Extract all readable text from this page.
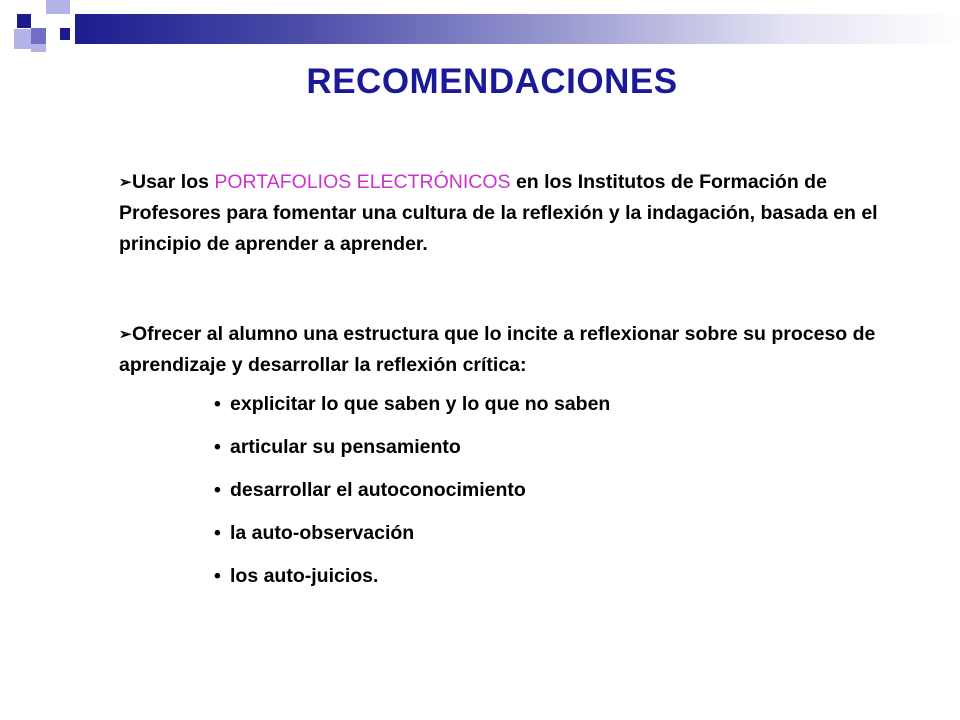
RECOMENDACIONES

➢Usar los PORTAFOLIOS ELECTRÓNICOS en los Institutos de Formación de Profesores para fomentar una cultura de la reflexión y la indagación, basada en el principio de aprender a aprender.

➢Ofrecer al alumno una estructura que lo incite a reflexionar sobre su proceso de aprendizaje y desarrollar la reflexión crítica:

• explicitar lo que saben y lo que no saben
• articular su pensamiento
• desarrollar el autoconocimiento
• la auto-observación
• los auto-juicios.
